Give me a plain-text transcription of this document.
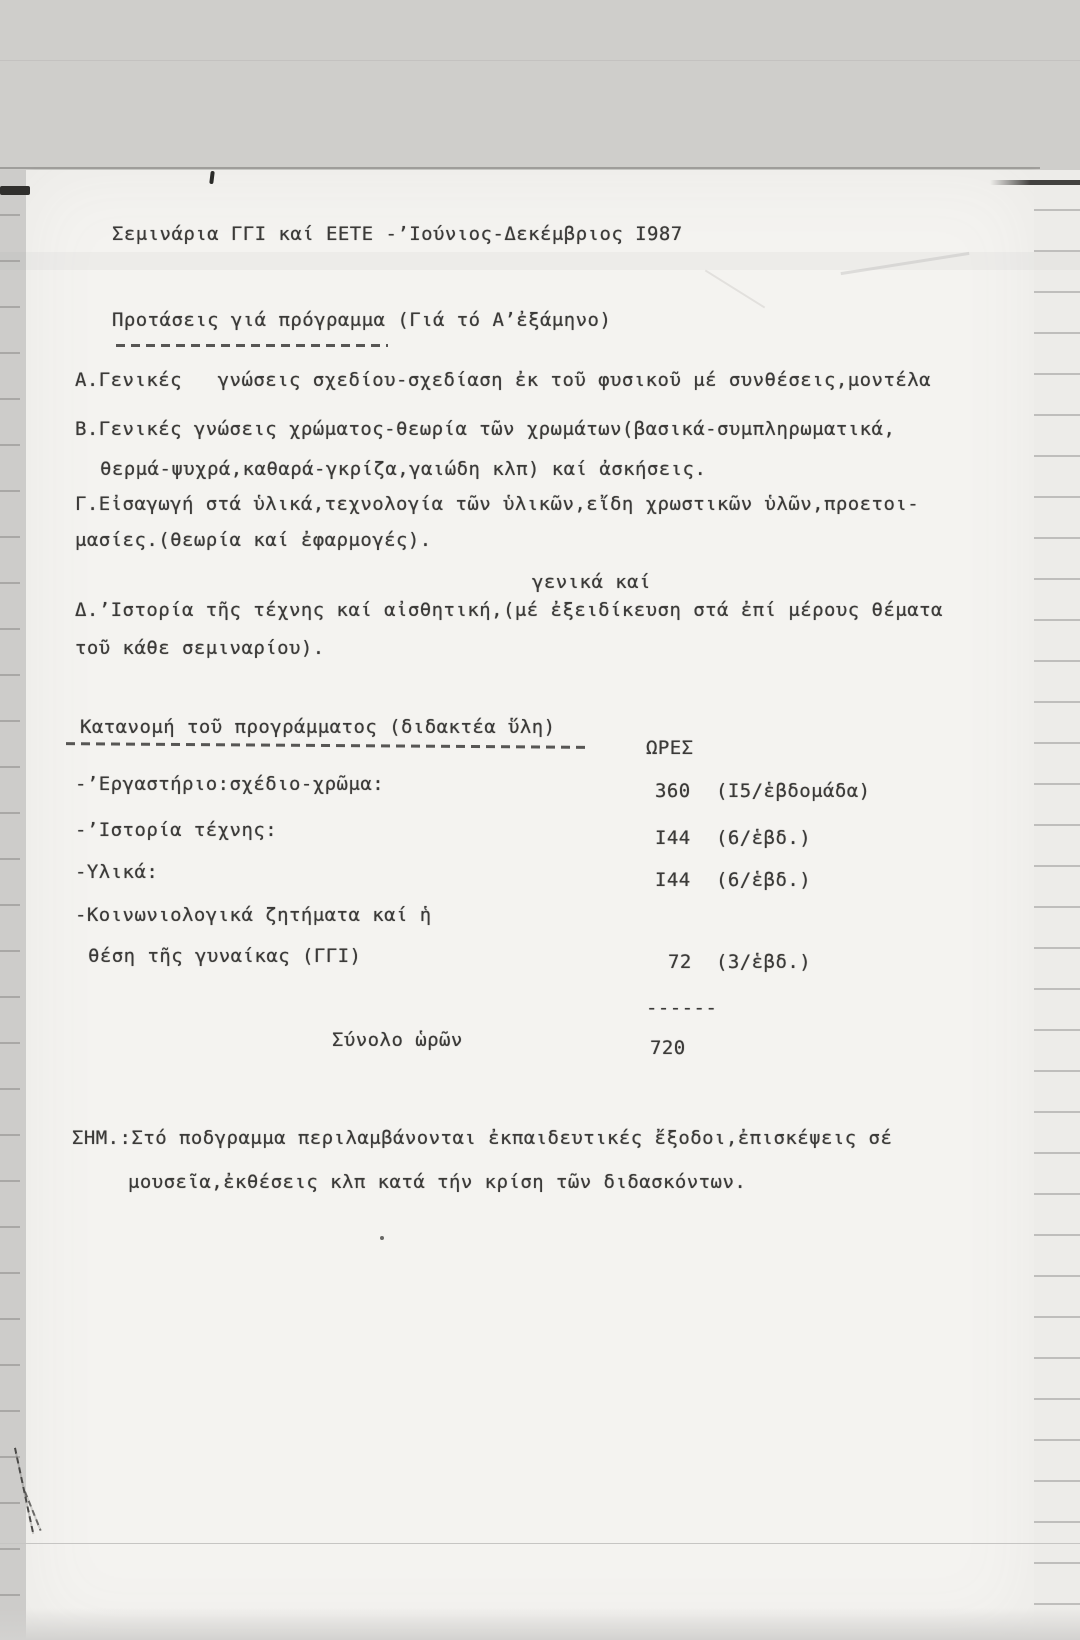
Σεμινάρια ΓΓΙ καί ΕΕΤΕ -’Ιούνιος-Δεκέμβριος Ι987
Προτάσεις γιά πρόγραμμα (Γιά τό Α’ἐξάμηνο)
Α.Γενικές   γνώσεις σχεδίου-σχεδίαση ἐκ τοῦ φυσικοῦ μέ συνθέσεις,μοντέλα
Β.Γενικές γνώσεις χρώματος-θεωρία τῶν χρωμάτων(βασικά-συμπληρωματικά,
θερμά-ψυχρά,καθαρά-γκρίζα,γαιώδη κλπ) καί ἀσκήσεις.
Γ.Εἰσαγωγή στά ὑλικά,τεχνολογία τῶν ὑλικῶν,εἴδη χρωστικῶν ὑλῶν,προετοι-
μασίες.(θεωρία καί ἐφαρμογές).
γενικά καί
Δ.’Ιστορία τῆς τέχνης καί αἰσθητική,(μέ ἐξειδίκευση στά ἐπί μέρους θέματα
τοῦ κάθε σεμιναρίου).
Κατανομή τοῦ προγράμματος (διδακτέα ὕλη)
ΩΡΕΣ
-’Εργαστήριο:σχέδιο-χρῶμα:	360 (Ι5/ἑβδομάδα)
-’Ιστορία τέχνης:	Ι44 (6/ἑβδ.)
-Υλικά:	Ι44 (6/ἑβδ.)
-Κοινωνιολογικά ζητήματα καί ἡ
θέση τῆς γυναίκας (ΓΓΙ)	72 (3/ἑβδ.)
------
Σύνολο ὡρῶν	720
ΣΗΜ.:Στό ποδγραμμα περιλαμβάνονται ἐκπαιδευτικές ἔξοδοι,ἐπισκέψεις σέ
μουσεῖα,ἐκθέσεις κλπ κατά τήν κρίση τῶν διδασκόντων.
